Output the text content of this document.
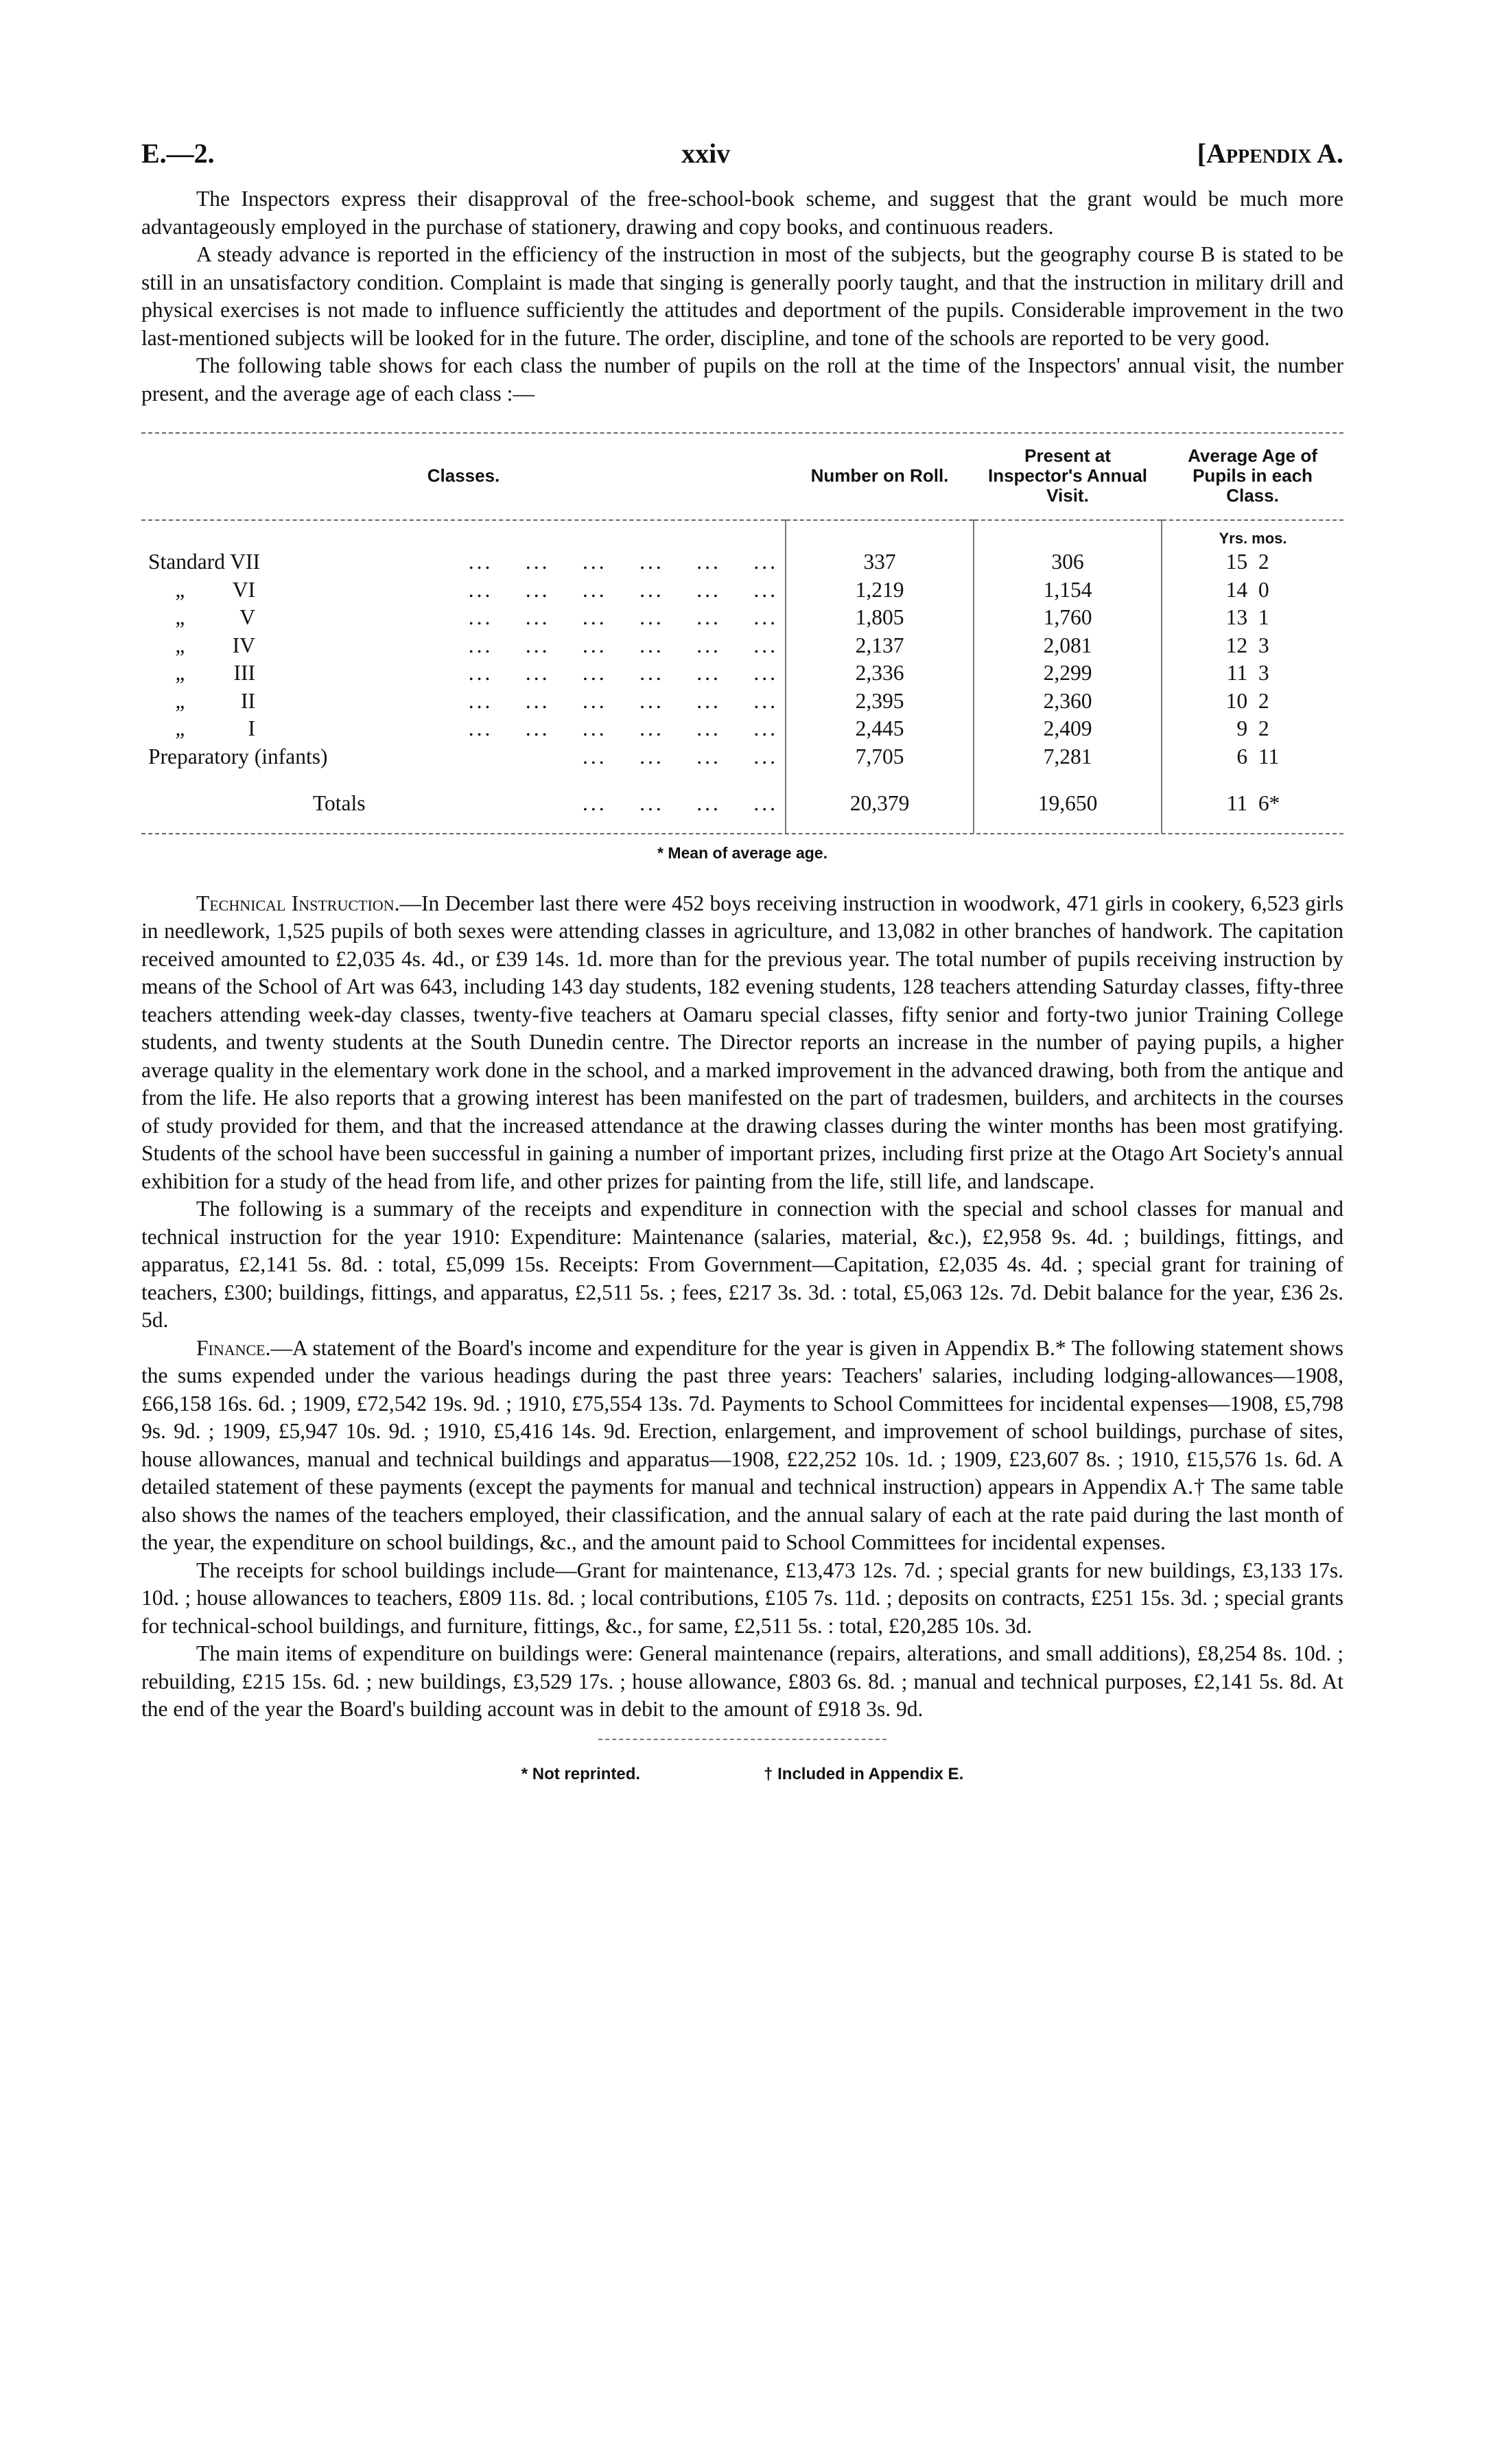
E.—2.	xxiv	[Appendix A.

The Inspectors express their disapproval of the free-school-book scheme, and suggest that the grant would be much more advantageously employed in the purchase of stationery, drawing and copy books, and continuous readers.

A steady advance is reported in the efficiency of the instruction in most of the subjects, but the geography course B is stated to be still in an unsatisfactory condition. Complaint is made that singing is generally poorly taught, and that the instruction in military drill and physical exercises is not made to influence sufficiently the attitudes and deportment of the pupils. Considerable improvement in the two last-mentioned subjects will be looked for in the future. The order, discipline, and tone of the schools are reported to be very good.

The following table shows for each class the number of pupils on the roll at the time of the Inspectors' annual visit, the number present, and the average age of each class :—

Classes.	Number on Roll.	Present at Inspector's Annual Visit.	Average Age of Pupils in each Class.
			Yrs. mos.
Standard VII ...    ...    ...    ...    ...    ...	337	306	15 2
„ VI ...    ...    ...    ...    ...    ...	1,219	1,154	14 0
„ V ...    ...    ...    ...    ...    ...	1,805	1,760	13 1
„ IV ...    ...    ...    ...    ...    ...	2,137	2,081	12 3
„ III ...    ...    ...    ...    ...    ...	2,336	2,299	11 3
„ II ...    ...    ...    ...    ...    ...	2,395	2,360	10 2
„ I ...    ...    ...    ...    ...    ...	2,445	2,409	9 2
Preparatory (infants) ...    ...    ...    ...	7,705	7,281	6 11
Totals ...    ...    ...    ...	20,379	19,650	11 6*
* Mean of average age.

Technical Instruction.—In December last there were 452 boys receiving instruction in woodwork, 471 girls in cookery, 6,523 girls in needlework, 1,525 pupils of both sexes were attending classes in agriculture, and 13,082 in other branches of handwork. The capitation received amounted to £2,035 4s. 4d., or £39 14s. 1d. more than for the previous year. The total number of pupils receiving instruction by means of the School of Art was 643, including 143 day students, 182 evening students, 128 teachers attending Saturday classes, fifty-three teachers attending week-day classes, twenty-five teachers at Oamaru special classes, fifty senior and forty-two junior Training College students, and twenty students at the South Dunedin centre. The Director reports an increase in the number of paying pupils, a higher average quality in the elementary work done in the school, and a marked improvement in the advanced drawing, both from the antique and from the life. He also reports that a growing interest has been manifested on the part of tradesmen, builders, and architects in the courses of study provided for them, and that the increased attendance at the drawing classes during the winter months has been most gratifying. Students of the school have been successful in gaining a number of important prizes, including first prize at the Otago Art Society's annual exhibition for a study of the head from life, and other prizes for painting from the life, still life, and landscape.

The following is a summary of the receipts and expenditure in connection with the special and school classes for manual and technical instruction for the year 1910: Expenditure: Maintenance (salaries, material, &c.), £2,958 9s. 4d. ; buildings, fittings, and apparatus, £2,141 5s. 8d. : total, £5,099 15s. Receipts: From Government—Capitation, £2,035 4s. 4d. ; special grant for training of teachers, £300; buildings, fittings, and apparatus, £2,511 5s. ; fees, £217 3s. 3d. : total, £5,063 12s. 7d. Debit balance for the year, £36 2s. 5d.

Finance.—A statement of the Board's income and expenditure for the year is given in Appendix B.* The following statement shows the sums expended under the various headings during the past three years: Teachers' salaries, including lodging-allowances—1908, £66,158 16s. 6d. ; 1909, £72,542 19s. 9d. ; 1910, £75,554 13s. 7d. Payments to School Committees for incidental expenses—1908, £5,798 9s. 9d. ; 1909, £5,947 10s. 9d. ; 1910, £5,416 14s. 9d. Erection, enlargement, and improvement of school buildings, purchase of sites, house allowances, manual and technical buildings and apparatus—1908, £22,252 10s. 1d. ; 1909, £23,607 8s. ; 1910, £15,576 1s. 6d. A detailed statement of these payments (except the payments for manual and technical instruction) appears in Appendix A.† The same table also shows the names of the teachers employed, their classification, and the annual salary of each at the rate paid during the last month of the year, the expenditure on school buildings, &c., and the amount paid to School Committees for incidental expenses.

The receipts for school buildings include—Grant for maintenance, £13,473 12s. 7d. ; special grants for new buildings, £3,133 17s. 10d. ; house allowances to teachers, £809 11s. 8d. ; local contributions, £105 7s. 11d. ; deposits on contracts, £251 15s. 3d. ; special grants for technical-school buildings, and furniture, fittings, &c., for same, £2,511 5s. : total, £20,285 10s. 3d.

The main items of expenditure on buildings were: General maintenance (repairs, alterations, and small additions), £8,254 8s. 10d. ; rebuilding, £215 15s. 6d. ; new buildings, £3,529 17s. ; house allowance, £803 6s. 8d. ; manual and technical purposes, £2,141 5s. 8d. At the end of the year the Board's building account was in debit to the amount of £918 3s. 9d.

* Not reprinted.	† Included in Appendix E.
